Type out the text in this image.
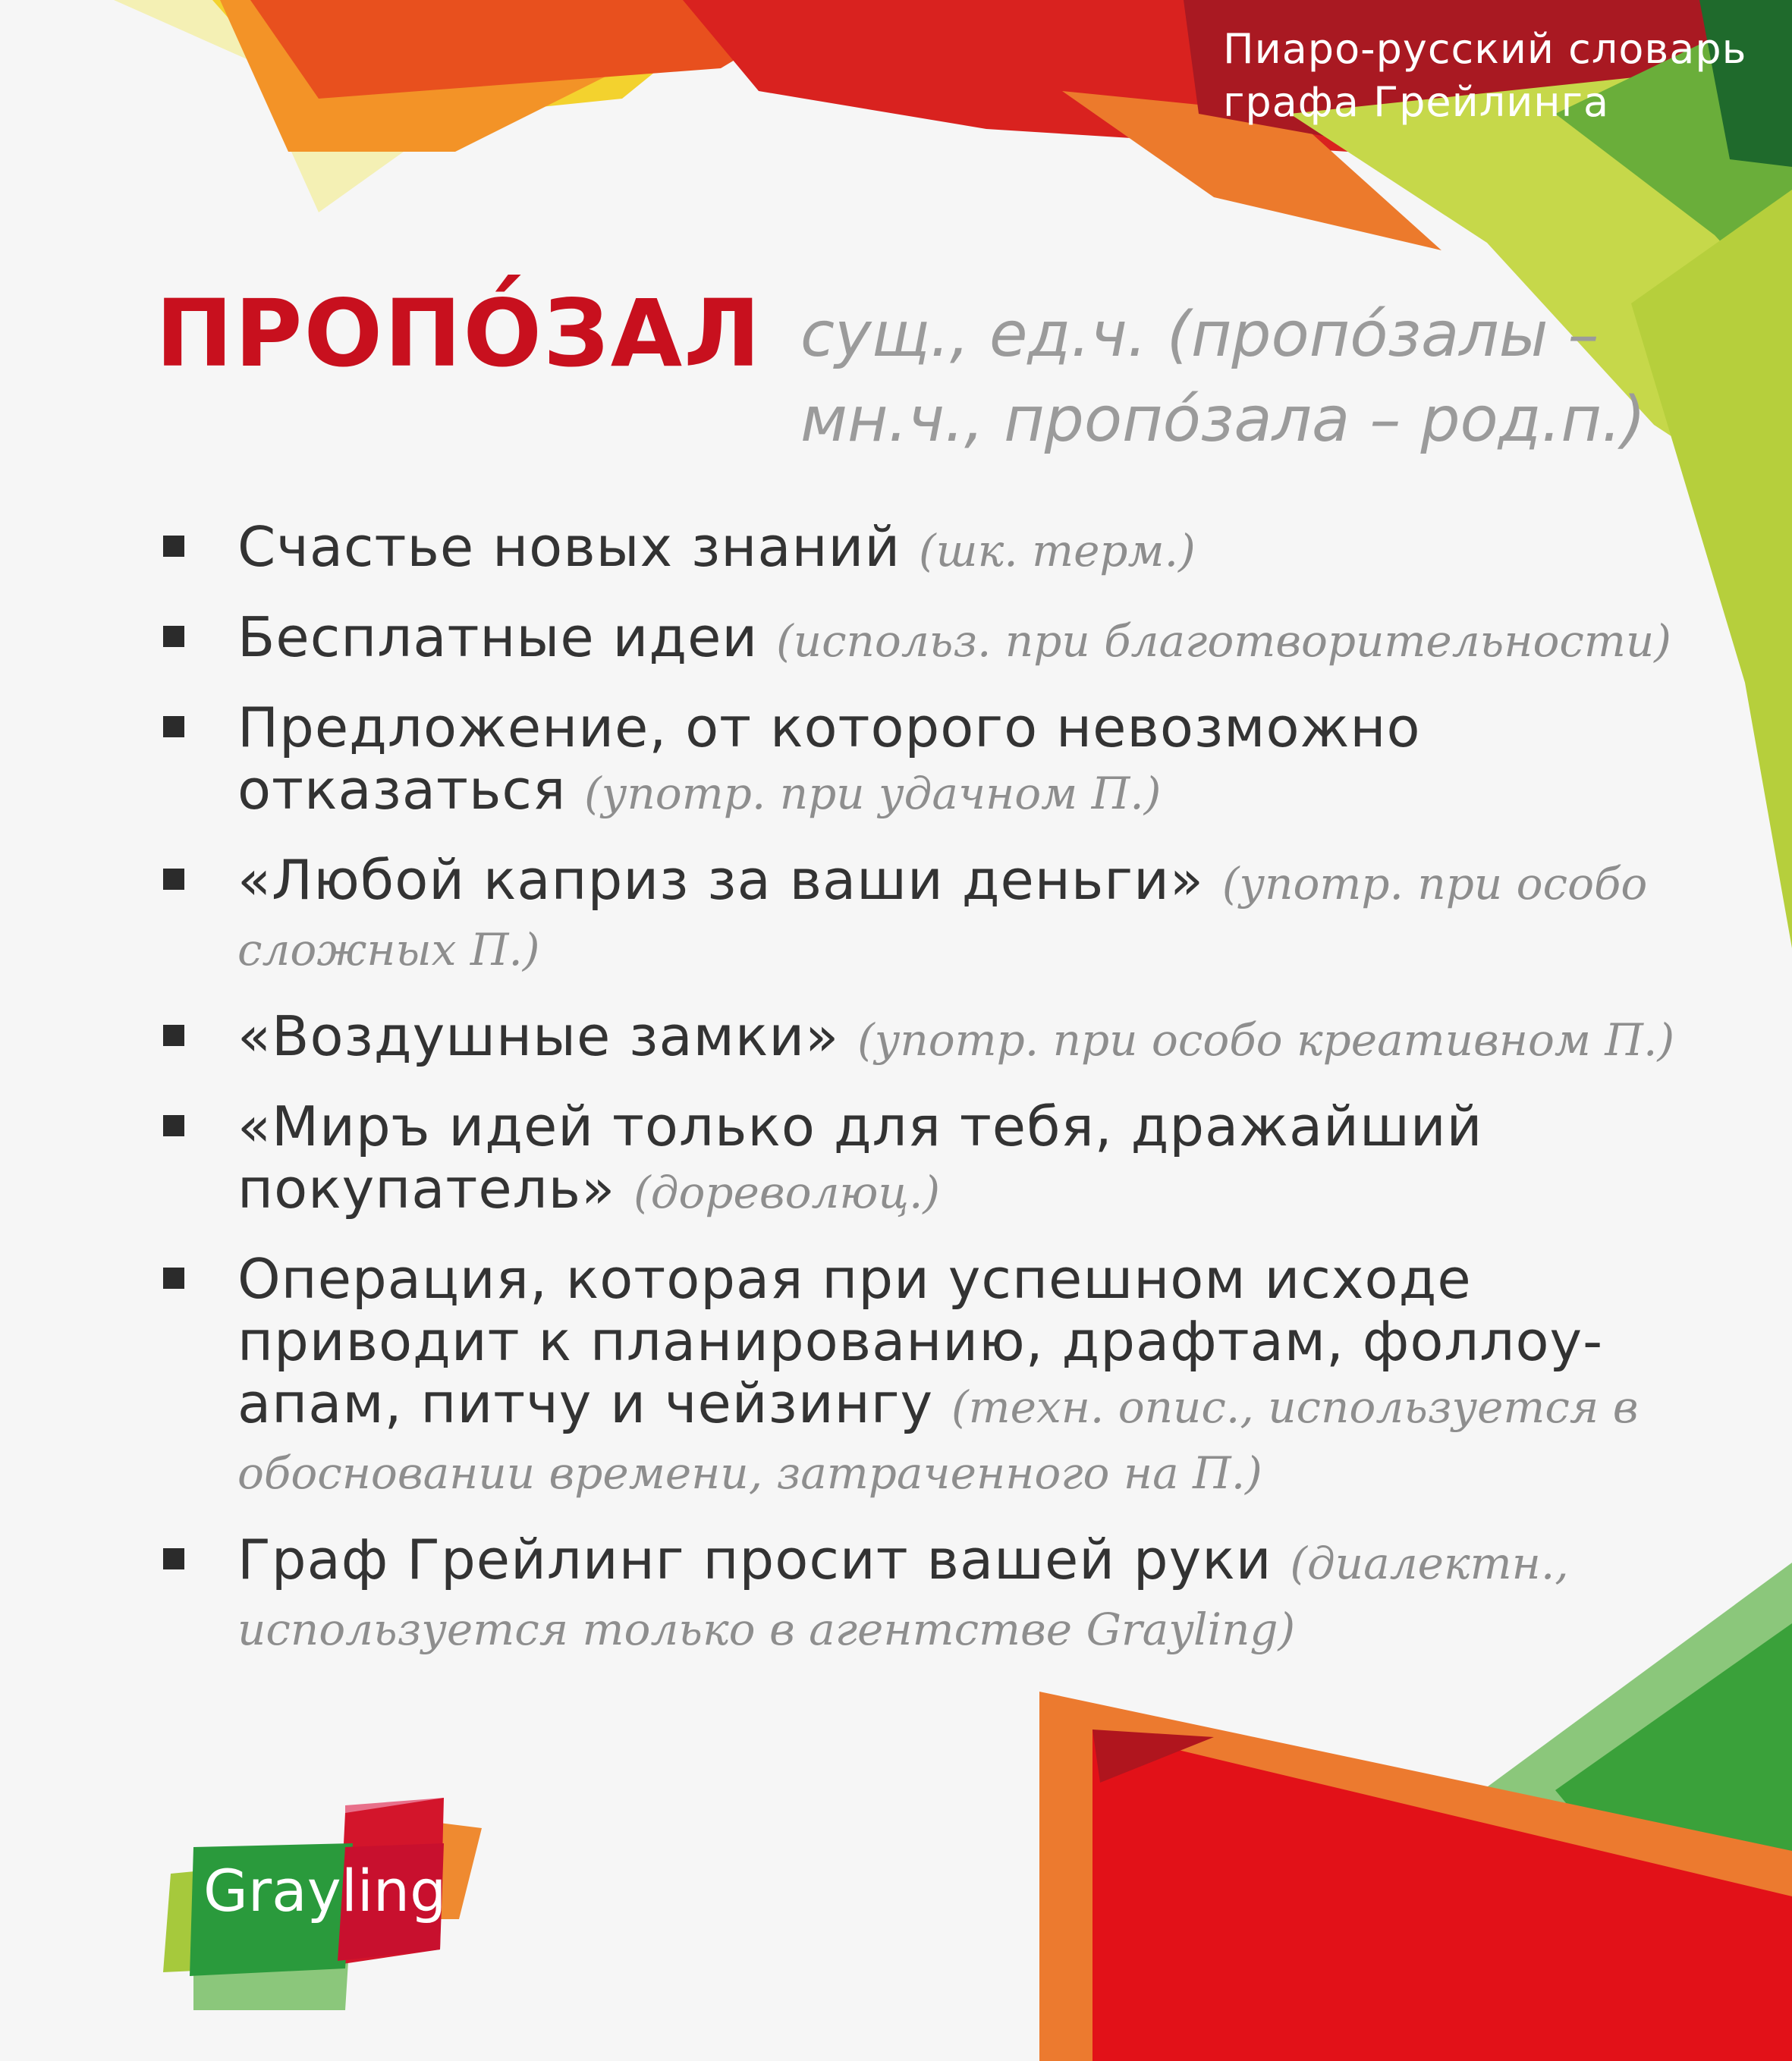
Пиаро-русский словарь
графа Грейлинга
ПРОПО́ЗАЛ сущ., ед.ч. (пропо́залы – мн.ч., пропо́зала – род.п.)
Счастье новых знаний (шк. терм.)
Бесплатные идеи (использ. при благотворительности)
Предложение, от которого невозможно отказаться (употр. при удачном П.)
«Любой каприз за ваши деньги» (употр. при особо сложных П.)
«Воздушные замки» (употр. при особо креативном П.)
«Миръ идей только для тебя, дражайший покупатель» (дореволюц.)
Операция, которая при успешном исходе приводит к планированию, драфтам, фоллоу-апам, питчу и чейзингу (техн. опис., используется в обосновании времени, затраченного на П.)
Граф Грейлинг просит вашей руки (диалектн., используется только в агентстве Grayling)
Grayling
